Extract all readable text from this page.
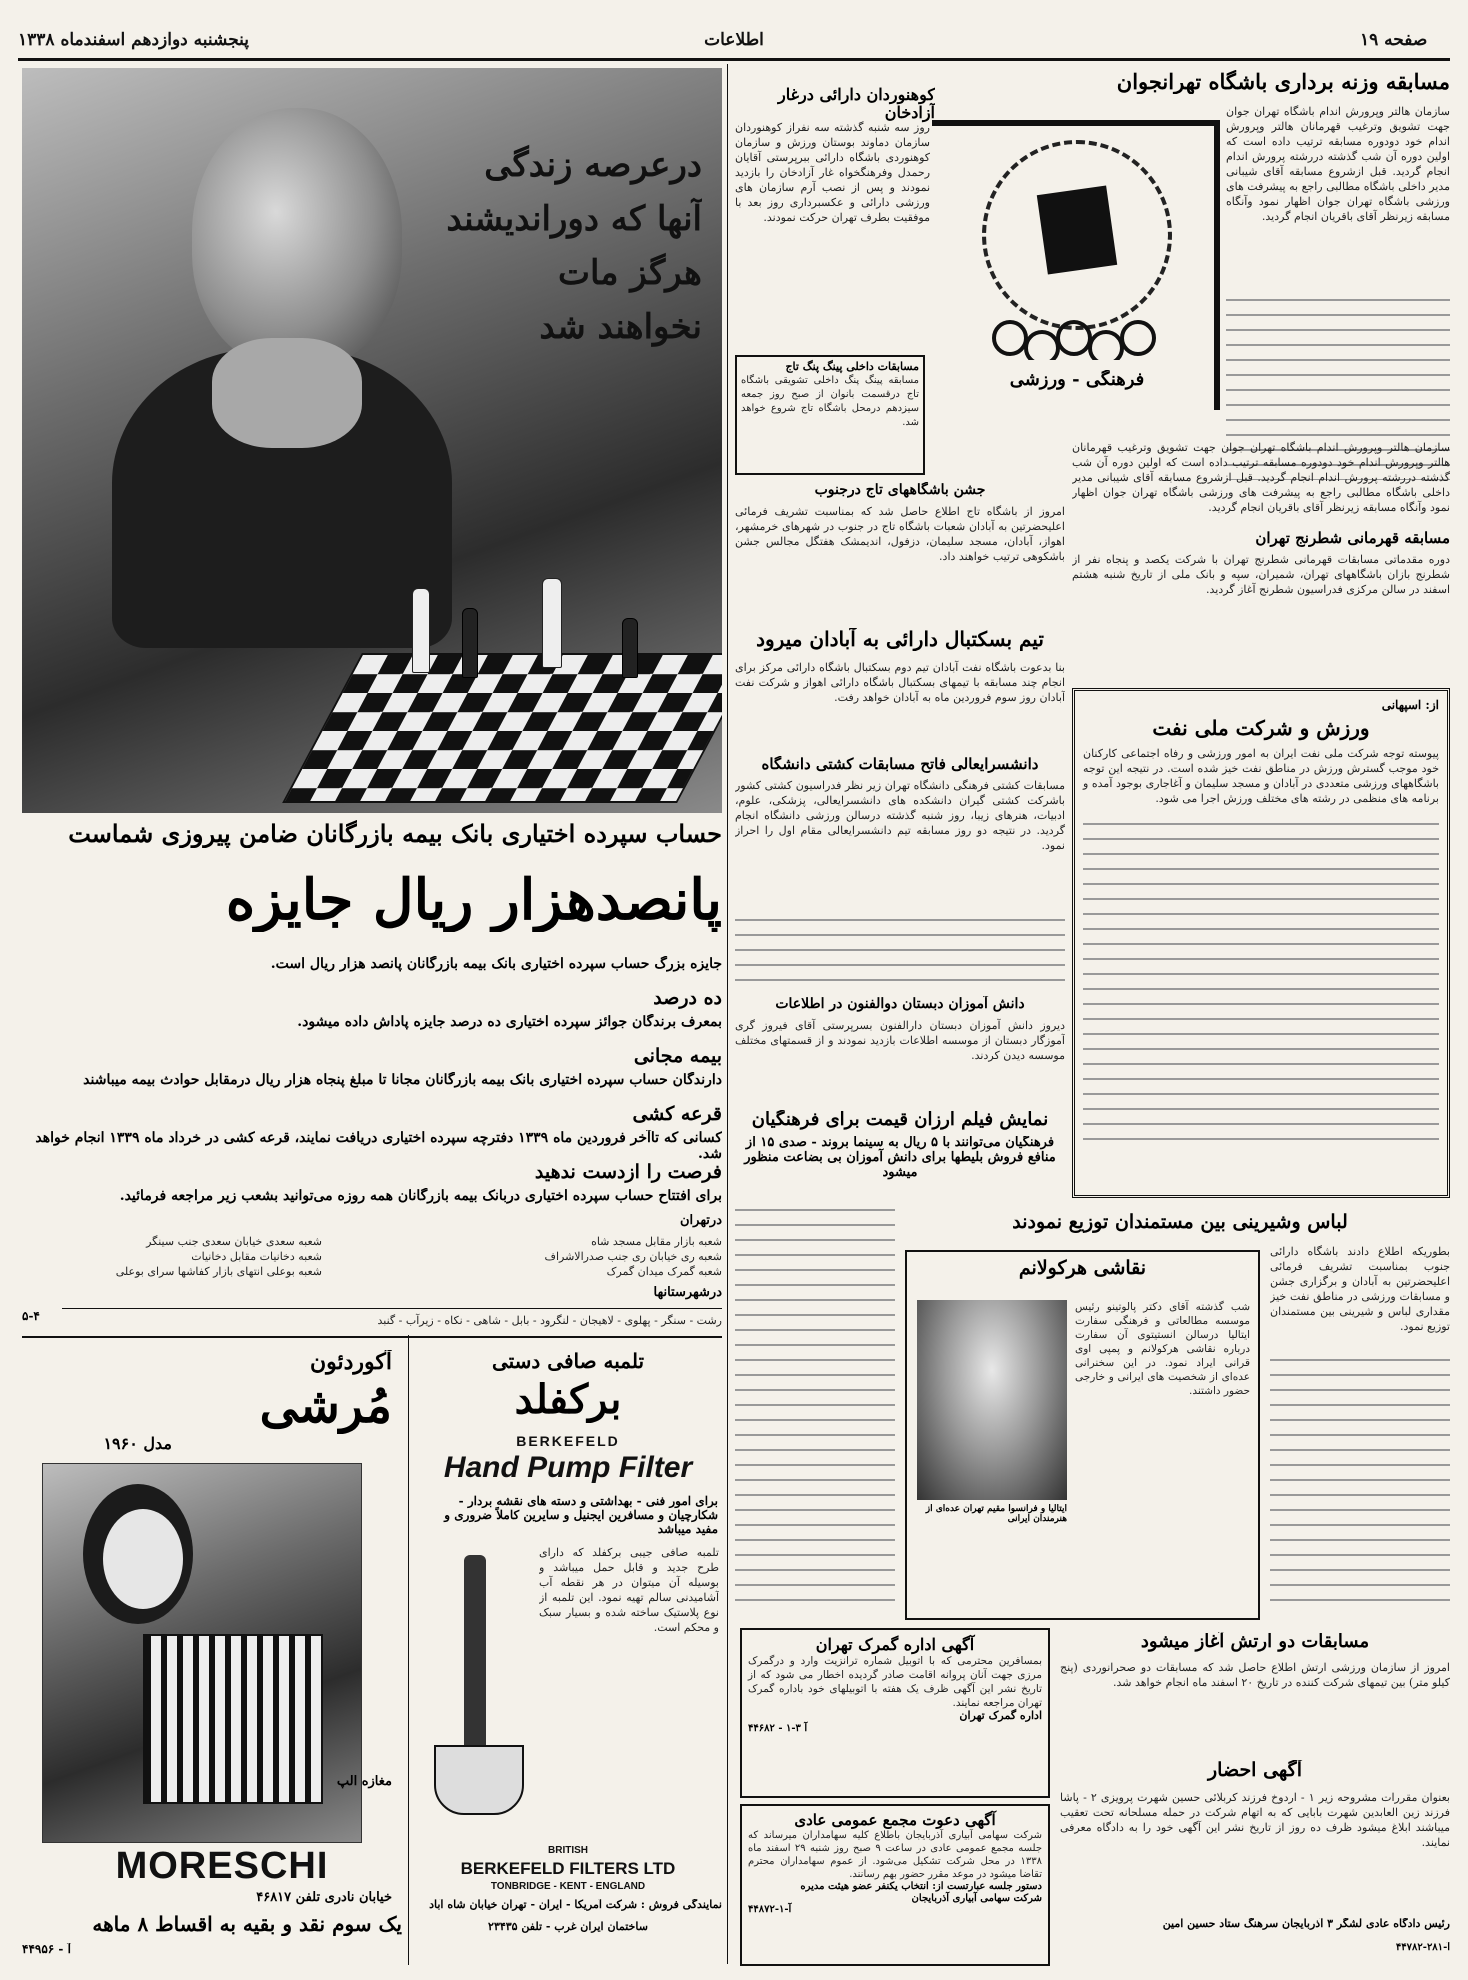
صفحه ۱۹
اطلاعات
پنجشنبه دوازدهم اسفندماه ۱۳۳۸
درعرصه زندگی
آنها که دوراندیشند
هرگز مات نخواهند شد
حساب سپرده اختیاری بانک بیمه بازرگانان ضامن پیروزی شماست
پانصدهزار ریال جایزه
جایزه بزرگ حساب سپرده اختیاری بانک بیمه بازرگانان پانصد هزار ریال است.
ده درصد
بمعرف برندگان جوائز سپرده اختیاری ده درصد جایزه پاداش داده میشود.
بیمه مجانی
دارندگان حساب سپرده اختیاری بانک بیمه بازرگانان مجانا تا مبلغ پنجاه هزار ریال درمقابل حوادث بیمه میباشند
قرعه کشی
کسانی که تاآخر فروردین ماه ۱۳۳۹ دفترچه سپرده اختیاری دریافت نمایند، قرعه کشی در خرداد ماه ۱۳۳۹ انجام خواهد شد.
فرصت را ازدست ندهید
برای افتتاح حساب سپرده اختیاری دربانک بیمه بازرگانان همه روزه می‌توانید بشعب زیر مراجعه فرمائید.
درتهران
شعبه بازار مقابل مسجد شاه
شعبه ری خیابان ری جنب صدرالاشراف
شعبه گمرک میدان گمرک
شعبه سعدی خیابان سعدی جنب سینگر
شعبه دخانیات مقابل دخانیات
شعبه بوعلی انتهای بازار کفاشها سرای بوعلی
درشهرستانها
رشت - سنگر - پهلوی - لاهیجان - لنگرود - بابل - شاهی - نکاه - زیرآب - گنبد
۵-۴
آکوردئون
مُرشی
مدل ۱۹۶۰
مغازه آلپ
MORESCHI
خیابان نادری تلفن ۴۶۸۱۷
یک سوم نقد و بقیه به اقساط ۸ ماهه
آ - ۴۴۹۵۶
تلمبه صافی دستی
برکفلد
BERKEFELD
Hand Pump Filter
برای امور فنی - بهداشتی و دسته های نقشه بردار - شکارچیان و مسافرین ایجنیل و سایرین کاملاً ضروری و مفید میباشد
تلمبه صافی جیبی برکفلد که دارای طرح جدید و قابل حمل میباشد و بوسیله آن میتوان در هر نقطه آب آشامیدنی سالم تهیه نمود. این تلمبه از نوع پلاستیک ساخته شده و بسیار سبک و محکم است.
BRITISH
BERKEFELD FILTERS LTD
TONBRIDGE - KENT - ENGLAND
نمایندگی فروش : شرکت آمریکا - ایران - تهران خیابان شاه آباد
ساختمان ایران غرب - تلفن ۲۳۴۳۵
مسابقه وزنه برداری باشگاه تهرانجوان
سازمان هالتر وپرورش اندام باشگاه تهران جوان جهت تشویق وترغیب قهرمانان هالتر وپرورش اندام خود دودوره مسابقه ترتیب داده است که اولین دوره آن شب گذشته دررشته پرورش اندام انجام گردید. قبل ازشروع مسابقه آقای شیبانی مدیر داخلی باشگاه مطالبی راجع به پیشرفت های ورزشی باشگاه تهران جوان اظهار نمود وآنگاه مسابقه زیرنظر آقای باقریان انجام گردید.
فرهنگی - ورزشی
کوهنوردان دارائی درغار آزادخان
روز سه شنبه گذشته سه نفراز کوهنوردان سازمان دماوند بوستان ورزش و سازمان کوهنوردی باشگاه دارائی ببرپرستی آقایان رحمدل وفرهنگخواه غار آزادخان را بازدید نمودند و پس از نصب آرم سازمان های ورزشی دارائی و عکسبرداری روز بعد با موفقیت بطرف تهران حرکت نمودند.
مسابقات داخلی پینگ پنگ تاج
مسابقه پینگ پنگ داخلی تشویقی باشگاه تاج درقسمت بانوان از صبح روز جمعه سیزدهم درمحل باشگاه تاج شروع خواهد شد.
جشن باشگاههای تاج درجنوب
امروز از باشگاه تاج اطلاع حاصل شد که بمناسبت تشریف فرمائی اعلیحضرتین به آبادان شعبات باشگاه تاج در جنوب در شهرهای خرمشهر، اهواز، آبادان، مسجد سلیمان، دزفول، اندیمشک هفتگل مجالس جشن باشکوهی ترتیب خواهند داد.
سازمان هالتر وپرورش اندام باشگاه تهران جوان جهت تشویق وترغیب قهرمانان هالتر وپرورش اندام خود دودوره مسابقه ترتیب داده است که اولین دوره آن شب گذشته دررشته پرورش اندام انجام گردید. قبل ازشروع مسابقه آقای شیبانی مدیر داخلی باشگاه مطالبی راجع به پیشرفت های ورزشی باشگاه تهران جوان اظهار نمود وآنگاه مسابقه زیرنظر آقای باقریان انجام گردید.
مسابقه قهرمانی شطرنج تهران
دوره مقدماتی مسابقات قهرمانی شطرنج تهران با شرکت یکصد و پنجاه نفر از شطرنج بازان باشگاههای تهران، شمیران، سپه و بانک ملی از تاریخ شنبه هشتم اسفند در سالن مرکزی فدراسیون شطرنج آغاز گردید.
تیم بسکتبال دارائی به آبادان میرود
بنا بدعوت باشگاه نفت آبادان تیم دوم بسکتبال باشگاه دارائی مرکز برای انجام چند مسابقه با تیمهای بسکتبال باشگاه دارائی اهواز و شرکت نفت آبادان روز سوم فروردین ماه به آبادان خواهد رفت.
دانشسرایعالی فاتح مسابقات کشتی دانشگاه
مسابقات کشتی فرهنگی دانشگاه تهران زیر نظر فدراسیون کشتی کشور باشرکت کشتی گیران دانشکده های دانشسرایعالی، پزشکی، علوم، ادبیات، هنرهای زیبا، روز شنبه گذشته درسالن ورزشی دانشگاه انجام گردید. در نتیجه دو روز مسابقه تیم دانشسرایعالی مقام اول را احراز نمود.
از: اسپهانی
ورزش و شرکت ملی نفت
پیوسته توجه شرکت ملی نفت ایران به امور ورزشی و رفاه اجتماعی کارکنان خود موجب گسترش ورزش در مناطق نفت خیز شده است. در نتیجه این توجه باشگاههای ورزشی متعددی در آبادان و مسجد سلیمان و آغاجاری بوجود آمده و برنامه های منظمی در رشته های مختلف ورزش اجرا می شود.
دانش آموزان دبستان دوالفنون در اطلاعات
دیروز دانش آموزان دبستان دارالفنون بسرپرستی آقای فیروز گری آموزگار دبستان از موسسه اطلاعات بازدید نمودند و از قسمتهای مختلف موسسه دیدن کردند.
نمایش فیلم ارزان قیمت برای فرهنگیان
فرهنگیان می‌توانند با ۵ ریال به سینما بروند - صدی ۱۵ از منافع فروش بلیطها برای دانش آموزان بی بضاعت منظور میشود
لباس وشیرینی بین مستمندان توزیع نمودند
بطوریکه اطلاع دادند باشگاه دارائی جنوب بمناسبت تشریف فرمائی اعلیحضرتین به آبادان و برگزاری جشن و مسابقات ورزشی در مناطق نفت خیز مقداری لباس و شیرینی بین مستمندان توزیع نمود.
نقاشی هرکولانم
ایتالیا و فرانسوا مقیم تهران عده‌ای از هنرمندان ایرانی
شب گذشته آقای دکتر پالوتینو رئیس موسسه مطالعاتی و فرهنگی سفارت ایتالیا درسالن انستیتوی آن سفارت درباره نقاشی هرکولانم و پمپی اوی قرانی ایراد نمود. در این سخنرانی عده‌ای از شخصیت های ایرانی و خارجی حضور داشتند.
مسابقات دو ارتش آغاز میشود
امروز از سازمان ورزشی ارتش اطلاع حاصل شد که مسابقات دو صحرانوردی (پنج کیلو متر) بین تیمهای شرکت کننده در تاریخ ۲۰ اسفند ماه انجام خواهد شد.
آگهی اداره گمرک تهران
بمسافرین محترمی که با اتوبیل شماره ترانزیت وارد و درگمرک مرزی جهت آنان پروانه اقامت صادر گردیده اخطار می شود که از تاریخ نشر این آگهی ظرف یک هفته با اتوبیلهای خود باداره گمرک تهران مراجعه نمایند.
اداره گمرک تهران
آ ۳-۱ - ۴۴۶۸۲
آگهی دعوت مجمع عمومی عادی
شرکت سهامی آبیاری آذربایجان باطلاع کلیه سهامداران میرساند که جلسه مجمع عمومی عادی در ساعت ۹ صبح روز شنبه ۲۹ اسفند ماه ۱۳۳۸ در محل شرکت تشکیل می‌شود. از عموم سهامداران محترم تقاضا میشود در موعد مقرر حضور بهم رسانند.
دستور جلسه عبارتست از: انتخاب یکنفر عضو هیئت مدیره
شرکت سهامی آبیاری آذربایجان
آ-۱-۴۴۸۷۲
آگهی احضار
بعنوان مقررات مشروحه زیر ۱ - اردوخ فرزند کربلائی حسین شهرت پرویزی ۲ - پاشا فرزند زین العابدین شهرت بابایی که به اتهام شرکت در حمله مسلحانه تحت تعقیب میباشند ابلاغ میشود ظرف ده روز از تاریخ نشر این آگهی خود را به دادگاه معرفی نمایند.
رئیس دادگاه عادی لشگر ۳ آذربایجان سرهنگ ستاد حسین امین
آ-۲۸۱-۴۴۷۸۲
